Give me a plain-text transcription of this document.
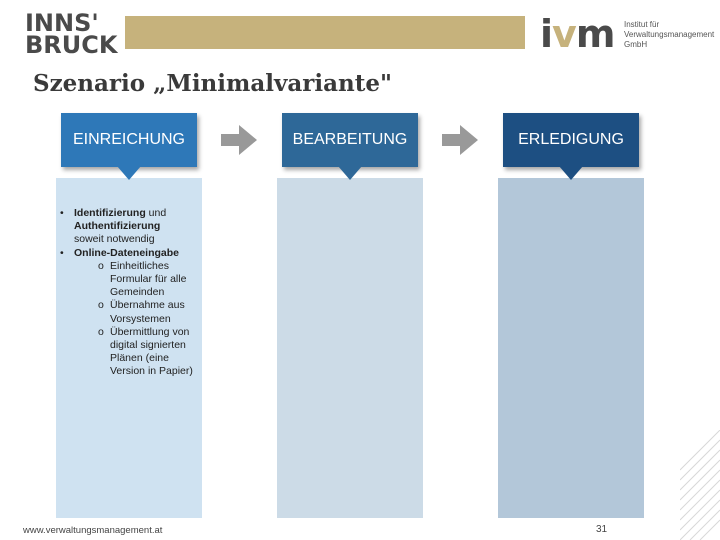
INNS'
BRUCK	ivm Institut für
Verwaltungsmanagement
GmbH
Szenario „Minimalvariante"
EINREICHUNG	BEARBEITUNG	ERLEDIGUNG
• Identifizierung und
Authentifizierung
soweit notwendig
• Online-Dateneingabe
o Einheitliches Formular für alle Gemeinden
o Übernahme aus Vorsystemen
o Übermittlung von digital signierten Plänen (eine Version in Papier)
www.verwaltungsmanagement.at	31
